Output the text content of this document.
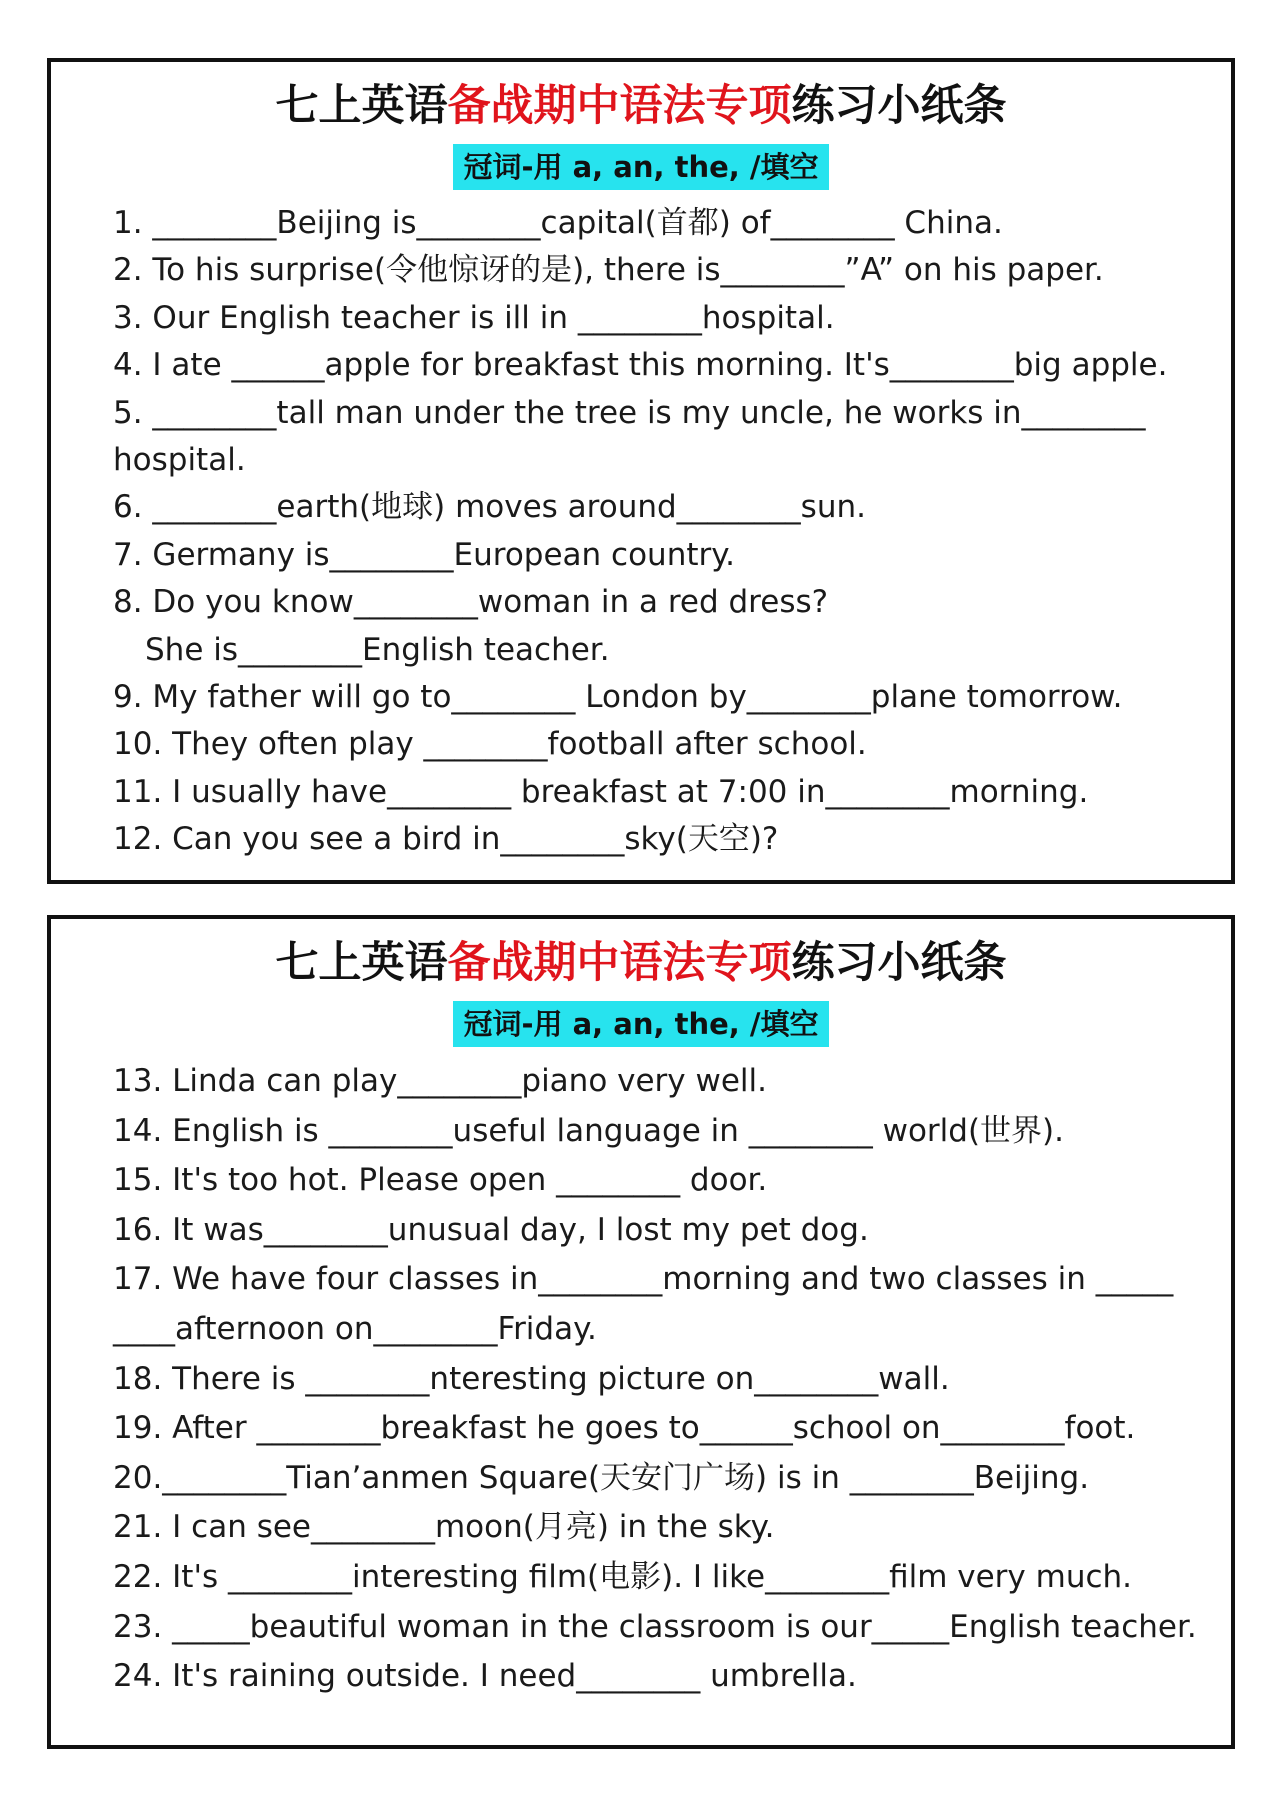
七上英语备战期中语法专项练习小纸条
冠词-用 a, an, the, /填空
1. ________Beijing is________capital(首都) of________ China.
2. To his surprise(令他惊讶的是), there is________”A” on his paper.
3. Our English teacher is ill in ________hospital.
4. I ate ______apple for breakfast this morning. It's________big apple.
5. ________tall man under the tree is my uncle, he works in________
hospital.
6. ________earth(地球) moves around________sun.
7. Germany is________European country.
8. Do you know________woman in a red dress?
She is________English teacher.
9. My father will go to________ London by________plane tomorrow.
10. They often play ________football after school.
11. I usually have________ breakfast at 7:00 in________morning.
12. Can you see a bird in________sky(天空)?
七上英语备战期中语法专项练习小纸条
冠词-用 a, an, the, /填空
13. Linda can play________piano very well.
14. English is ________useful language in ________ world(世界).
15. It's too hot. Please open ________ door.
16. It was________unusual day, I lost my pet dog.
17. We have four classes in________morning and two classes in _____
____afternoon on________Friday.
18. There is ________nteresting picture on________wall.
19. After ________breakfast he goes to______school on________foot.
20.________Tian’anmen Square(天安门广场) is in ________Beijing.
21. I can see________moon(月亮) in the sky.
22. It's ________interesting film(电影). I like________film very much.
23. _____beautiful woman in the classroom is our_____English teacher.
24. It's raining outside. I need________ umbrella.
